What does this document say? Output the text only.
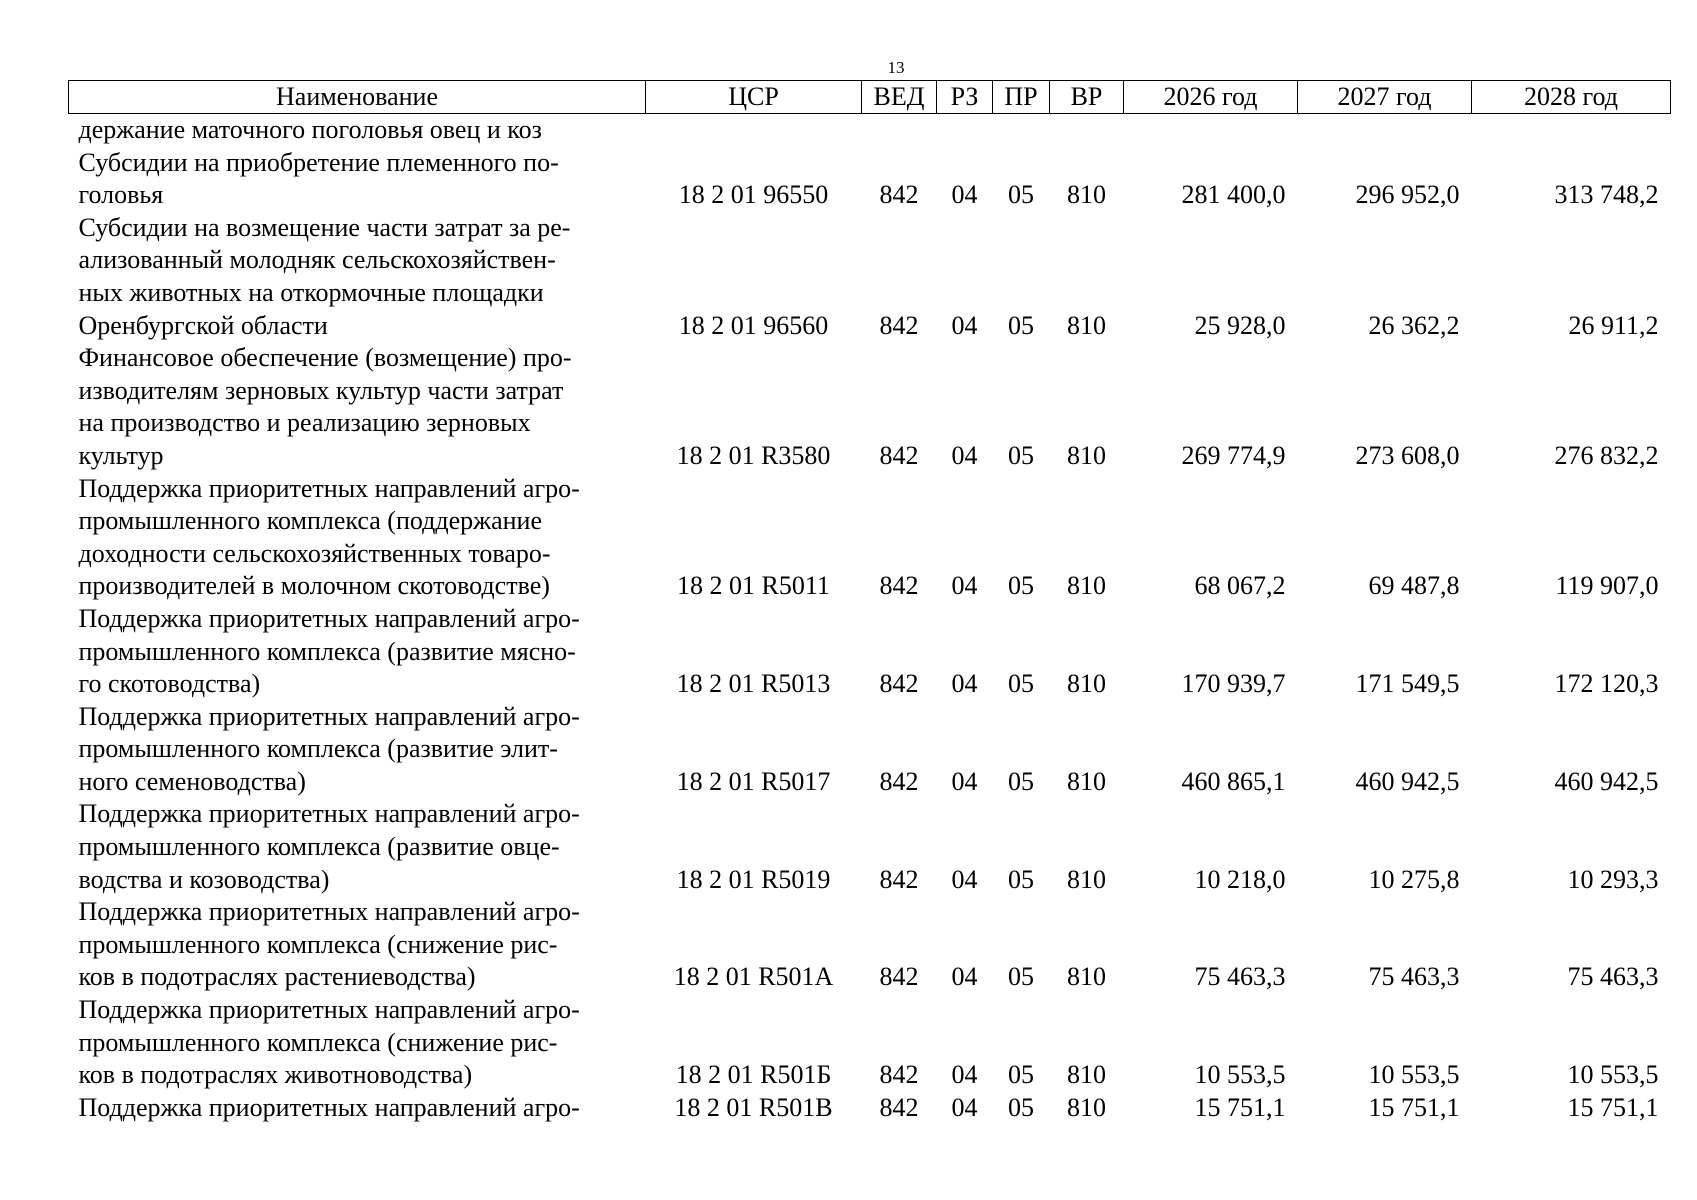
13
Наименование	ЦСР	ВЕД	РЗ	ПР	ВР	2026 год	2027 год	2028 год

держание маточного поголовья овец и коз								

Субсидии на приобретение племенного по-
головья	18 2 01 96550	842	04	05	810	281 400,0	296 952,0	313 748,2

Субсидии на возмещение части затрат за ре-
ализованный молодняк сельскохозяйствен-
ных животных на откормочные площадки
Оренбургской области	18 2 01 96560	842	04	05	810	25 928,0	26 362,2	26 911,2

Финансовое обеспечение (возмещение) про-
изводителям зерновых культур части затрат
на производство и реализацию зерновых
культур	18 2 01 R3580	842	04	05	810	269 774,9	273 608,0	276 832,2

Поддержка приоритетных направлений агро-
промышленного комплекса (поддержание
доходности сельскохозяйственных товаро-
производителей в молочном скотоводстве)	18 2 01 R5011	842	04	05	810	68 067,2	69 487,8	119 907,0

Поддержка приоритетных направлений агро-
промышленного комплекса (развитие мясно-
го скотоводства)	18 2 01 R5013	842	04	05	810	170 939,7	171 549,5	172 120,3

Поддержка приоритетных направлений агро-
промышленного комплекса (развитие элит-
ного семеноводства)	18 2 01 R5017	842	04	05	810	460 865,1	460 942,5	460 942,5

Поддержка приоритетных направлений агро-
промышленного комплекса (развитие овце-
водства и козоводства)	18 2 01 R5019	842	04	05	810	10 218,0	10 275,8	10 293,3

Поддержка приоритетных направлений агро-
промышленного комплекса (снижение рис-
ков в подотраслях растениеводства)	18 2 01 R501А	842	04	05	810	75 463,3	75 463,3	75 463,3

Поддержка приоритетных направлений агро-
промышленного комплекса (снижение рис-
ков в подотраслях животноводства)	18 2 01 R501Б	842	04	05	810	10 553,5	10 553,5	10 553,5

Поддержка приоритетных направлений агро-	18 2 01 R501В	842	04	05	810	15 751,1	15 751,1	15 751,1
